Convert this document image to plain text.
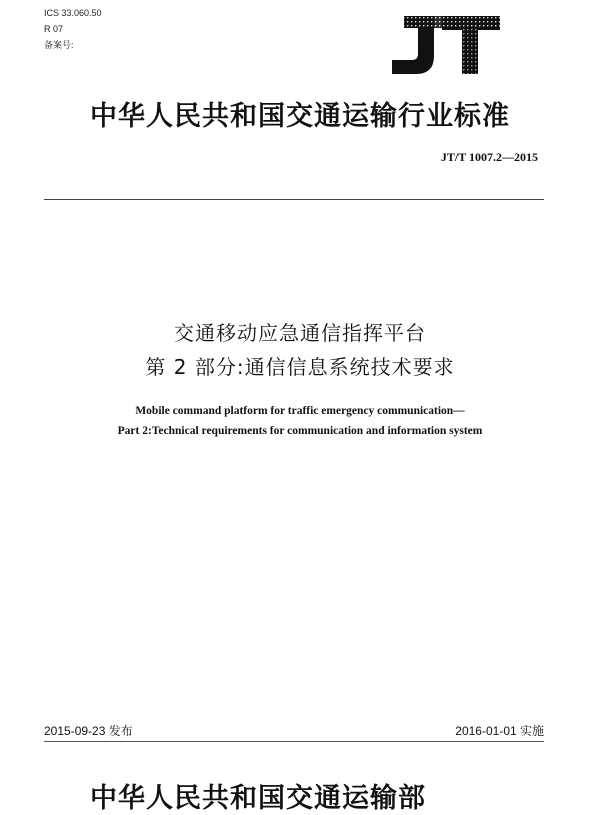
ICS 33.060.50
R 07
备案号:
中华人民共和国交通运输行业标准
JT/T 1007.2—2015
交通移动应急通信指挥平台
第 2 部分:通信信息系统技术要求
Mobile command platform for traffic emergency communication—
Part 2:Technical requirements for communication and information system
2015-09-23 发布	2016-01-01 实施
中华人民共和国交通运输部
